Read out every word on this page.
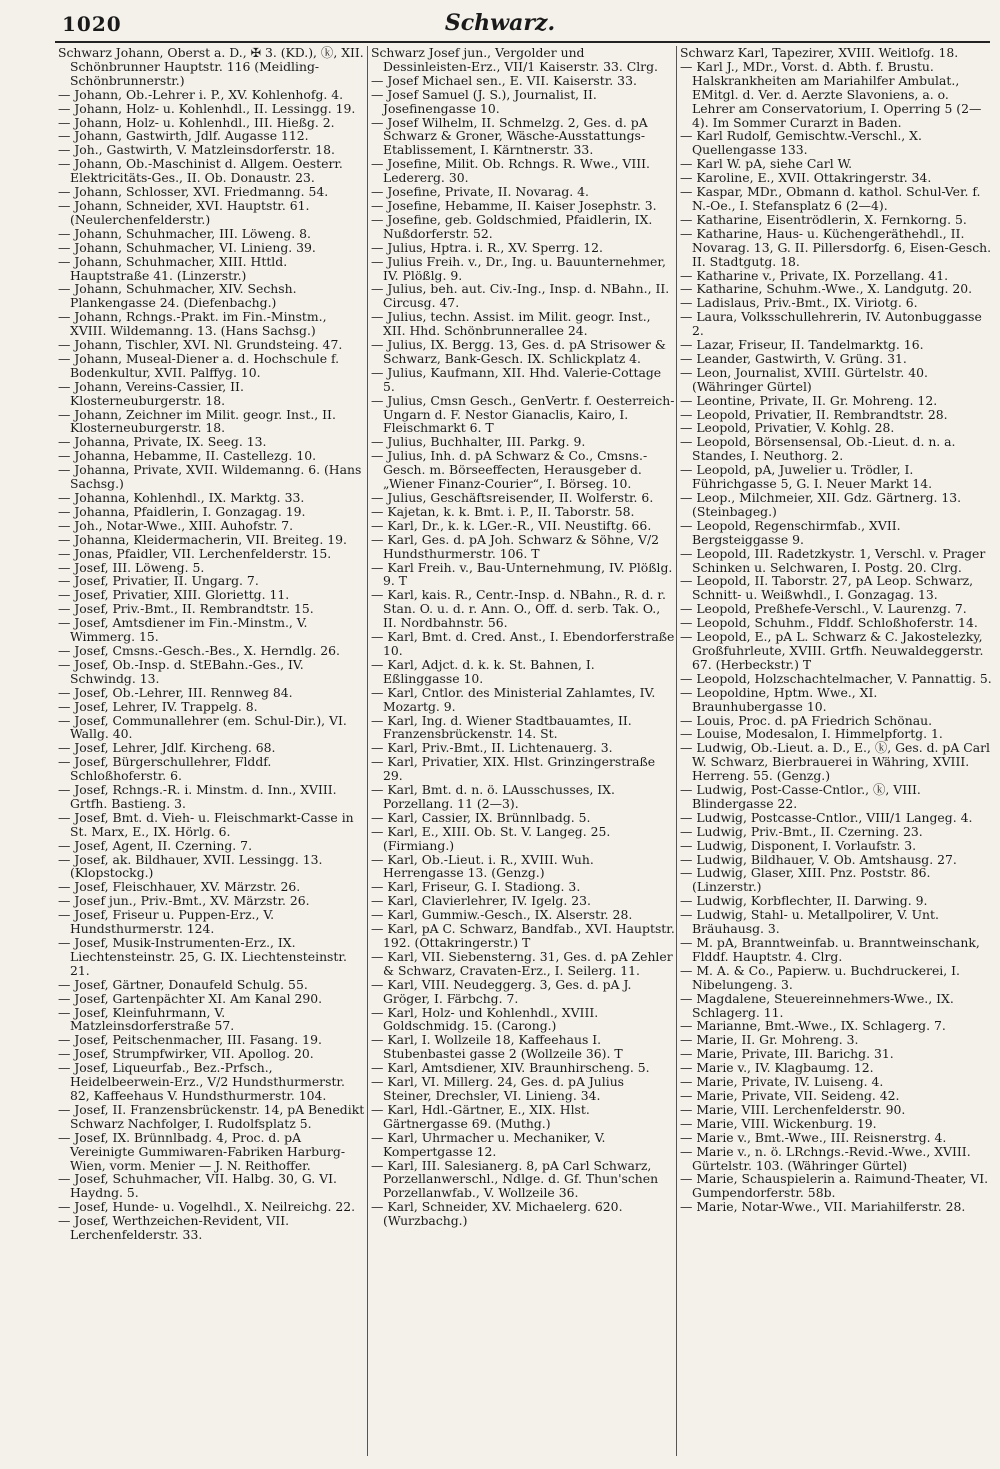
1020	Schwarz.
Schwarz Johann, Oberst a. D., ✠ 3. (KD.), ⓚ, XII. Schönbrunner Hauptstr. 116 (Meidling-Schönbrunnerstr.)
— Johann, Ob.-Lehrer i. P., XV. Kohlenhofg. 4.
— Johann, Holz- u. Kohlenhdl., II. Lessingg. 19.
— Johann, Holz- u. Kohlenhdl., III. Hießg. 2.
— Johann, Gastwirth, Jdlf. Augasse 112.
— Joh., Gastwirth, V. Matzleinsdorferstr. 18.
— Johann, Ob.-Maschinist d. Allgem. Oesterr. Elektricitäts-Ges., II. Ob. Donaustr. 23.
— Johann, Schlosser, XVI. Friedmanng. 54.
— Johann, Schneider, XVI. Hauptstr. 61. (Neulerchenfelderstr.)
— Johann, Schuhmacher, III. Löweng. 8.
— Johann, Schuhmacher, VI. Linieng. 39.
— Johann, Schuhmacher, XIII. Httld. Hauptstraße 41. (Linzerstr.)
— Johann, Schuhmacher, XIV. Sechsh. Plankengasse 24. (Diefenbachg.)
— Johann, Rchngs.-Prakt. im Fin.-Minstm., XVIII. Wildemanng. 13. (Hans Sachsg.)
— Johann, Tischler, XVI. Nl. Grundsteing. 47.
— Johann, Museal-Diener a. d. Hochschule f. Bodenkultur, XVII. Palffyg. 10.
— Johann, Vereins-Cassier, II. Klosterneuburgerstr. 18.
— Johann, Zeichner im Milit. geogr. Inst., II. Klosterneuburgerstr. 18.
— Johanna, Private, IX. Seeg. 13.
— Johanna, Hebamme, II. Castellezg. 10.
— Johanna, Private, XVII. Wildemanng. 6. (Hans Sachsg.)
— Johanna, Kohlenhdl., IX. Marktg. 33.
— Johanna, Pfaidlerin, I. Gonzagag. 19.
— Joh., Notar-Wwe., XIII. Auhofstr. 7.
— Johanna, Kleidermacherin, VII. Breiteg. 19.
— Jonas, Pfaidler, VII. Lerchenfelderstr. 15.
— Josef, III. Löweng. 5.
— Josef, Privatier, II. Ungarg. 7.
— Josef, Privatier, XIII. Gloriettg. 11.
— Josef, Priv.-Bmt., II. Rembrandtstr. 15.
— Josef, Amtsdiener im Fin.-Minstm., V. Wimmerg. 15.
— Josef, Cmsns.-Gesch.-Bes., X. Herndlg. 26.
— Josef, Ob.-Insp. d. StEBahn.-Ges., IV. Schwindg. 13.
— Josef, Ob.-Lehrer, III. Rennweg 84.
— Josef, Lehrer, IV. Trappelg. 8.
— Josef, Communallehrer (em. Schul-Dir.), VI. Wallg. 40.
— Josef, Lehrer, Jdlf. Kircheng. 68.
— Josef, Bürgerschullehrer, Flddf. Schloßhoferstr. 6.
— Josef, Rchngs.-R. i. Minstm. d. Inn., XVIII. Grtfh. Bastieng. 3.
— Josef, Bmt. d. Vieh- u. Fleischmarkt-Casse in St. Marx, E., IX. Hörlg. 6.
— Josef, Agent, II. Czerning. 7.
— Josef, ak. Bildhauer, XVII. Lessingg. 13. (Klopstockg.)
— Josef, Fleischhauer, XV. Märzstr. 26.
— Josef jun., Priv.-Bmt., XV. Märzstr. 26.
— Josef, Friseur u. Puppen-Erz., V. Hundsthurmerstr. 124.
— Josef, Musik-Instrumenten-Erz., IX. Liechtensteinstr. 25, G. IX. Liechtensteinstr. 21.
— Josef, Gärtner, Donaufeld Schulg. 55.
— Josef, Gartenpächter XI. Am Kanal 290.
— Josef, Kleinfuhrmann, V. Matzleinsdorferstraße 57.
— Josef, Peitschenmacher, III. Fasang. 19.
— Josef, Strumpfwirker, VII. Apollog. 20.
— Josef, Liqueurfab., Bez.-Prfsch., Heidelbeerwein-Erz., V/2 Hundsthurmerstr. 82, Kaffeehaus V. Hundsthurmerstr. 104.
— Josef, II. Franzensbrückenstr. 14, pA Benedikt Schwarz Nachfolger, I. Rudolfsplatz 5.
— Josef, IX. Brünnlbadg. 4, Proc. d. pA Vereinigte Gummiwaren-Fabriken Harburg-Wien, vorm. Menier — J. N. Reithoffer.
— Josef, Schuhmacher, VII. Halbg. 30, G. VI. Haydng. 5.
— Josef, Hunde- u. Vogelhdl., X. Neilreichg. 22.
— Josef, Werthzeichen-Revident, VII. Lerchenfelderstr. 33.
Schwarz Josef jun., Vergolder und Dessinleisten-Erz., VII/1 Kaiserstr. 33. Clrg.
— Josef Michael sen., E. VII. Kaiserstr. 33.
— Josef Samuel (J. S.), Journalist, II. Josefinengasse 10.
— Josef Wilhelm, II. Schmelzg. 2, Ges. d. pA Schwarz & Groner, Wäsche-Ausstattungs-Etablissement, I. Kärntnerstr. 33.
— Josefine, Milit. Ob. Rchngs. R. Wwe., VIII. Ledererg. 30.
— Josefine, Private, II. Novarag. 4.
— Josefine, Hebamme, II. Kaiser Josephstr. 3.
— Josefine, geb. Goldschmied, Pfaidlerin, IX. Nußdorferstr. 52.
— Julius, Hptra. i. R., XV. Sperrg. 12.
— Julius Freih. v., Dr., Ing. u. Bauunternehmer, IV. Plößlg. 9.
— Julius, beh. aut. Civ.-Ing., Insp. d. NBahn., II. Circusg. 47.
— Julius, techn. Assist. im Milit. geogr. Inst., XII. Hhd. Schönbrunnerallee 24.
— Julius, IX. Bergg. 13, Ges. d. pA Strisower & Schwarz, Bank-Gesch. IX. Schlickplatz 4.
— Julius, Kaufmann, XII. Hhd. Valerie-Cottage 5.
— Julius, Cmsn Gesch., GenVertr. f. Oesterreich-Ungarn d. F. Nestor Gianaclis, Kairo, I. Fleischmarkt 6. T
— Julius, Buchhalter, III. Parkg. 9.
— Julius, Inh. d. pA Schwarz & Co., Cmsns.-Gesch. m. Börseeffecten, Herausgeber d. „Wiener Finanz-Courier“, I. Börseg. 10.
— Julius, Geschäftsreisender, II. Wolferstr. 6.
— Kajetan, k. k. Bmt. i. P., II. Taborstr. 58.
— Karl, Dr., k. k. LGer.-R., VII. Neustiftg. 66.
— Karl, Ges. d. pA Joh. Schwarz & Söhne, V/2 Hundsthurmerstr. 106. T
— Karl Freih. v., Bau-Unternehmung, IV. Plößlg. 9. T
— Karl, kais. R., Centr.-Insp. d. NBahn., R. d. r. Stan. O. u. d. r. Ann. O., Off. d. serb. Tak. O., II. Nordbahnstr. 56.
— Karl, Bmt. d. Cred. Anst., I. Ebendorferstraße 10.
— Karl, Adjct. d. k. k. St. Bahnen, I. Eßlinggasse 10.
— Karl, Cntlor. des Ministerial Zahlamtes, IV. Mozartg. 9.
— Karl, Ing. d. Wiener Stadtbauamtes, II. Franzensbrückenstr. 14. St.
— Karl, Priv.-Bmt., II. Lichtenauerg. 3.
— Karl, Privatier, XIX. Hlst. Grinzingerstraße 29.
— Karl, Bmt. d. n. ö. LAusschusses, IX. Porzellang. 11 (2—3).
— Karl, Cassier, IX. Brünnlbadg. 5.
— Karl, E., XIII. Ob. St. V. Langeg. 25. (Firmiang.)
— Karl, Ob.-Lieut. i. R., XVIII. Wuh. Herrengasse 13. (Genzg.)
— Karl, Friseur, G. I. Stadiong. 3.
— Karl, Clavierlehrer, IV. Igelg. 23.
— Karl, Gummiw.-Gesch., IX. Alserstr. 28.
— Karl, pA C. Schwarz, Bandfab., XVI. Hauptstr. 192. (Ottakringerstr.) T
— Karl, VII. Siebensterng. 31, Ges. d. pA Zehler & Schwarz, Cravaten-Erz., I. Seilerg. 11.
— Karl, VIII. Neudeggerg. 3, Ges. d. pA J. Gröger, I. Färbchg. 7.
— Karl, Holz- und Kohlenhdl., XVIII. Goldschmidg. 15. (Carong.)
— Karl, I. Wollzeile 18, Kaffeehaus I. Stubenbastei gasse 2 (Wollzeile 36). T
— Karl, Amtsdiener, XIV. Braunhirscheng. 5.
— Karl, VI. Millerg. 24, Ges. d. pA Julius Steiner, Drechsler, VI. Linieng. 34.
— Karl, Hdl.-Gärtner, E., XIX. Hlst. Gärtnergasse 69. (Muthg.)
— Karl, Uhrmacher u. Mechaniker, V. Kompertgasse 12.
— Karl, III. Salesianerg. 8, pA Carl Schwarz, Porzellanwerschl., Ndlge. d. Gf. Thun'schen Porzellanwfab., V. Wollzeile 36.
— Karl, Schneider, XV. Michaelerg. 620. (Wurzbachg.)
Schwarz Karl, Tapezirer, XVIII. Weitlofg. 18.
— Karl J., MDr., Vorst. d. Abth. f. Brustu. Halskrankheiten am Mariahilfer Ambulat., EMitgl. d. Ver. d. Aerzte Slavoniens, a. o. Lehrer am Conservatorium, I. Operring 5 (2—4). Im Sommer Curarzt in Baden.
— Karl Rudolf, Gemischtw.-Verschl., X. Quellengasse 133.
— Karl W. pA, siehe Carl W.
— Karoline, E., XVII. Ottakringerstr. 34.
— Kaspar, MDr., Obmann d. kathol. Schul-Ver. f. N.-Oe., I. Stefansplatz 6 (2—4).
— Katharine, Eisentrödlerin, X. Fernkorng. 5.
— Katharine, Haus- u. Küchengeräthehdl., II. Novarag. 13, G. II. Pillersdorfg. 6, Eisen-Gesch. II. Stadtgutg. 18.
— Katharine v., Private, IX. Porzellang. 41.
— Katharine, Schuhm.-Wwe., X. Landgutg. 20.
— Ladislaus, Priv.-Bmt., IX. Viriotg. 6.
— Laura, Volksschullehrerin, IV. Autonbuggasse 2.
— Lazar, Friseur, II. Tandelmarktg. 16.
— Leander, Gastwirth, V. Grüng. 31.
— Leon, Journalist, XVIII. Gürtelstr. 40. (Währinger Gürtel)
— Leontine, Private, II. Gr. Mohreng. 12.
— Leopold, Privatier, II. Rembrandtstr. 28.
— Leopold, Privatier, V. Kohlg. 28.
— Leopold, Börsensensal, Ob.-Lieut. d. n. a. Standes, I. Neuthorg. 2.
— Leopold, pA, Juwelier u. Trödler, I. Führichgasse 5, G. I. Neuer Markt 14.
— Leop., Milchmeier, XII. Gdz. Gärtnerg. 13. (Steinbageg.)
— Leopold, Regenschirmfab., XVII. Bergsteiggasse 9.
— Leopold, III. Radetzkystr. 1, Verschl. v. Prager Schinken u. Selchwaren, I. Postg. 20. Clrg.
— Leopold, II. Taborstr. 27, pA Leop. Schwarz, Schnitt- u. Weißwhdl., I. Gonzagag. 13.
— Leopold, Preßhefe-Verschl., V. Laurenzg. 7.
— Leopold, Schuhm., Flddf. Schloßhoferstr. 14.
— Leopold, E., pA L. Schwarz & C. Jakostelezky, Großfuhrleute, XVIII. Grtfh. Neuwaldeggerstr. 67. (Herbeckstr.) T
— Leopold, Holzschachtelmacher, V. Pannattig. 5.
— Leopoldine, Hptm. Wwe., XI. Braunhubergasse 10.
— Louis, Proc. d. pA Friedrich Schönau.
— Louise, Modesalon, I. Himmelpfortg. 1.
— Ludwig, Ob.-Lieut. a. D., E., ⓚ, Ges. d. pA Carl W. Schwarz, Bierbrauerei in Währing, XVIII. Herreng. 55. (Genzg.)
— Ludwig, Post-Casse-Cntlor., ⓚ, VIII. Blindergasse 22.
— Ludwig, Postcasse-Cntlor., VIII/1 Langeg. 4.
— Ludwig, Priv.-Bmt., II. Czerning. 23.
— Ludwig, Disponent, I. Vorlaufstr. 3.
— Ludwig, Bildhauer, V. Ob. Amtshausg. 27.
— Ludwig, Glaser, XIII. Pnz. Poststr. 86. (Linzerstr.)
— Ludwig, Korbflechter, II. Darwing. 9.
— Ludwig, Stahl- u. Metallpolirer, V. Unt. Bräuhausg. 3.
— M. pA, Branntweinfab. u. Branntweinschank, Flddf. Hauptstr. 4. Clrg.
— M. A. & Co., Papierw. u. Buchdruckerei, I. Nibelungeng. 3.
— Magdalene, Steuereinnehmers-Wwe., IX. Schlagerg. 11.
— Marianne, Bmt.-Wwe., IX. Schlagerg. 7.
— Marie, II. Gr. Mohreng. 3.
— Marie, Private, III. Barichg. 31.
— Marie v., IV. Klagbaumg. 12.
— Marie, Private, IV. Luiseng. 4.
— Marie, Private, VII. Seideng. 42.
— Marie, VIII. Lerchenfelderstr. 90.
— Marie, VIII. Wickenburg. 19.
— Marie v., Bmt.-Wwe., III. Reisnerstrg. 4.
— Marie v., n. ö. LRchngs.-Revid.-Wwe., XVIII. Gürtelstr. 103. (Währinger Gürtel)
— Marie, Schauspielerin a. Raimund-Theater, VI. Gumpendorferstr. 58b.
— Marie, Notar-Wwe., VII. Mariahilferstr. 28.
